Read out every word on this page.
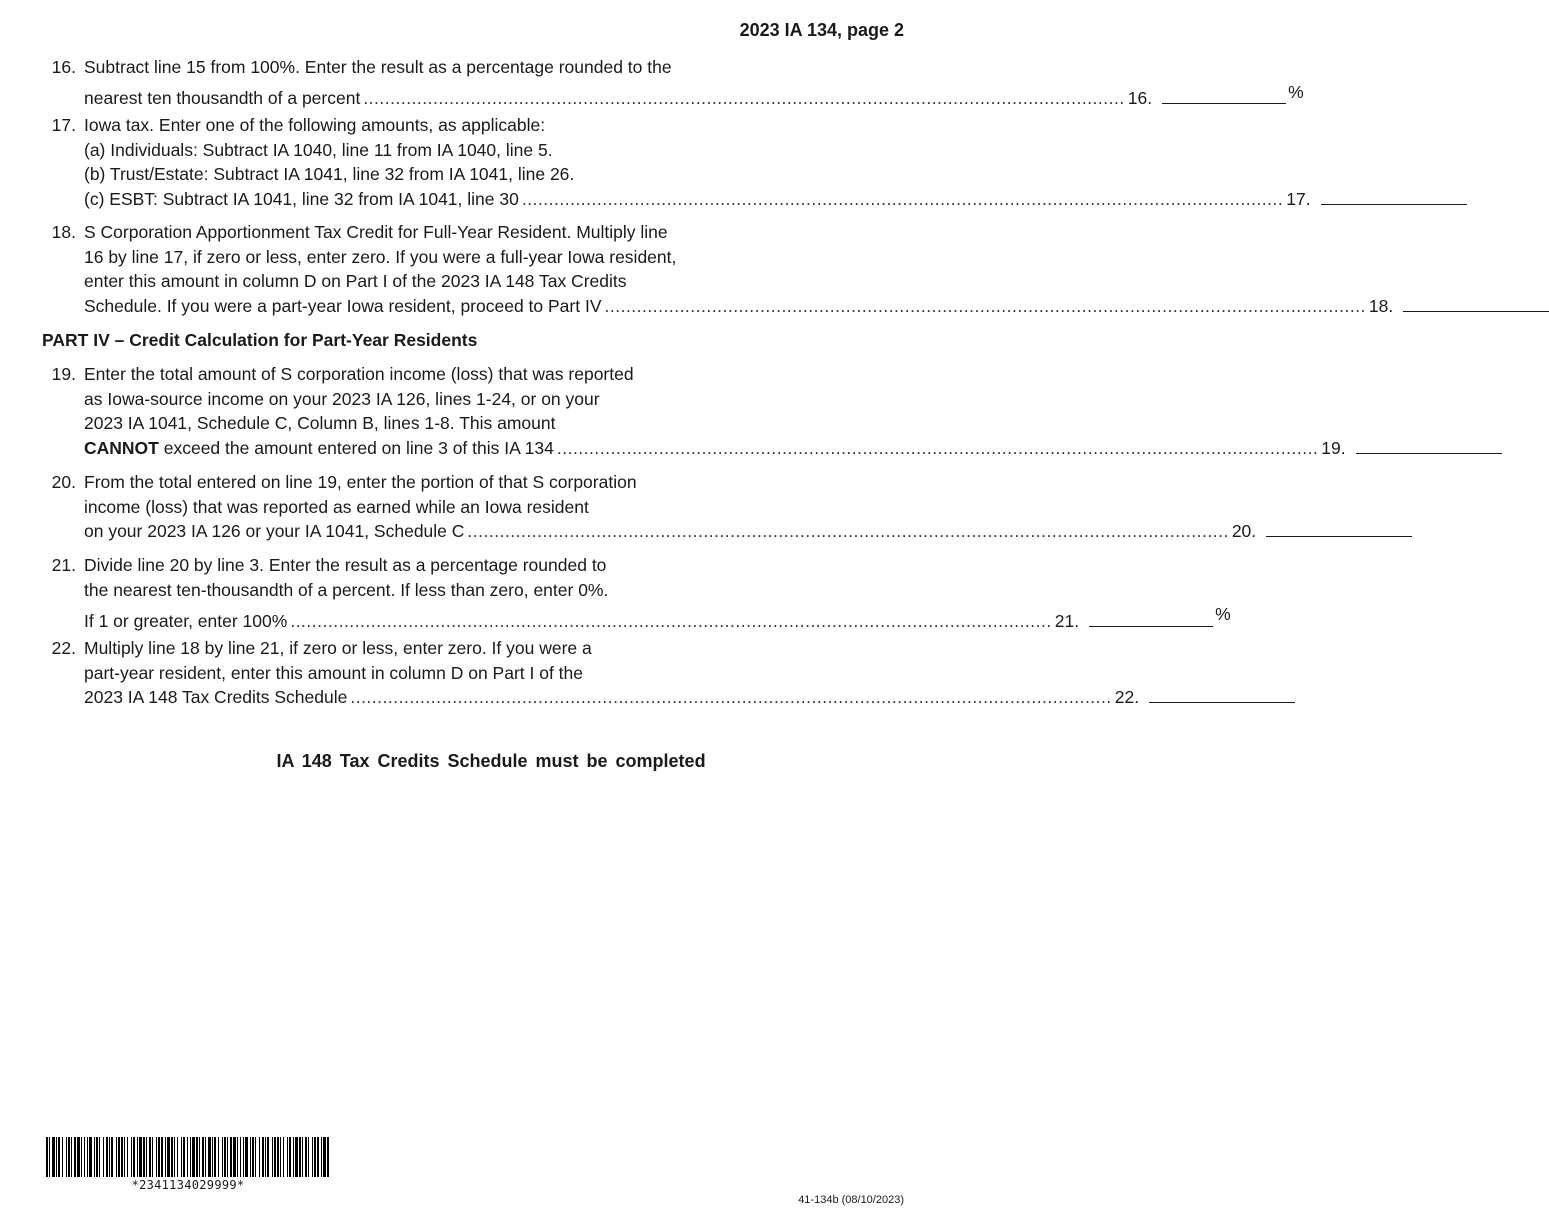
2023 IA 134, page 2
16. Subtract line 15 from 100%. Enter the result as a percentage rounded to the
nearest ten thousandth of a percent .............................................................................................................................................. 16.	%
17. Iowa tax. Enter one of the following amounts, as applicable:
(a) Individuals: Subtract IA 1040, line 11 from IA 1040, line 5.
(b) Trust/Estate: Subtract IA 1041, line 32 from IA 1041, line 26.
(c) ESBT: Subtract IA 1041, line 32 from IA 1041, line 30 .............................................................................................................................................. 17.
18. S Corporation Apportionment Tax Credit for Full-Year Resident. Multiply line
16 by line 17, if zero or less, enter zero. If you were a full-year Iowa resident,
enter this amount in column D on Part I of the 2023 IA 148 Tax Credits
Schedule. If you were a part-year Iowa resident, proceed to Part IV .............................................................................................................................................. 18.
PART IV – Credit Calculation for Part-Year Residents
19. Enter the total amount of S corporation income (loss) that was reported
as Iowa-source income on your 2023 IA 126, lines 1-24, or on your
2023 IA 1041, Schedule C, Column B, lines 1-8. This amount
CANNOT exceed the amount entered on line 3 of this IA 134 .............................................................................................................................................. 19.
20. From the total entered on line 19, enter the portion of that S corporation
income (loss) that was reported as earned while an Iowa resident
on your 2023 IA 126 or your IA 1041, Schedule C .............................................................................................................................................. 20.
21. Divide line 20 by line 3. Enter the result as a percentage rounded to
the nearest ten-thousandth of a percent. If less than zero, enter 0%.
If 1 or greater, enter 100% .............................................................................................................................................. 21.	%
22. Multiply line 18 by line 21, if zero or less, enter zero. If you were a
part-year resident, enter this amount in column D on Part I of the
2023 IA 148 Tax Credits Schedule .............................................................................................................................................. 22.
IA 148 Tax Credits Schedule must be completed
*2341134029999*
41-134b (08/10/2023)
